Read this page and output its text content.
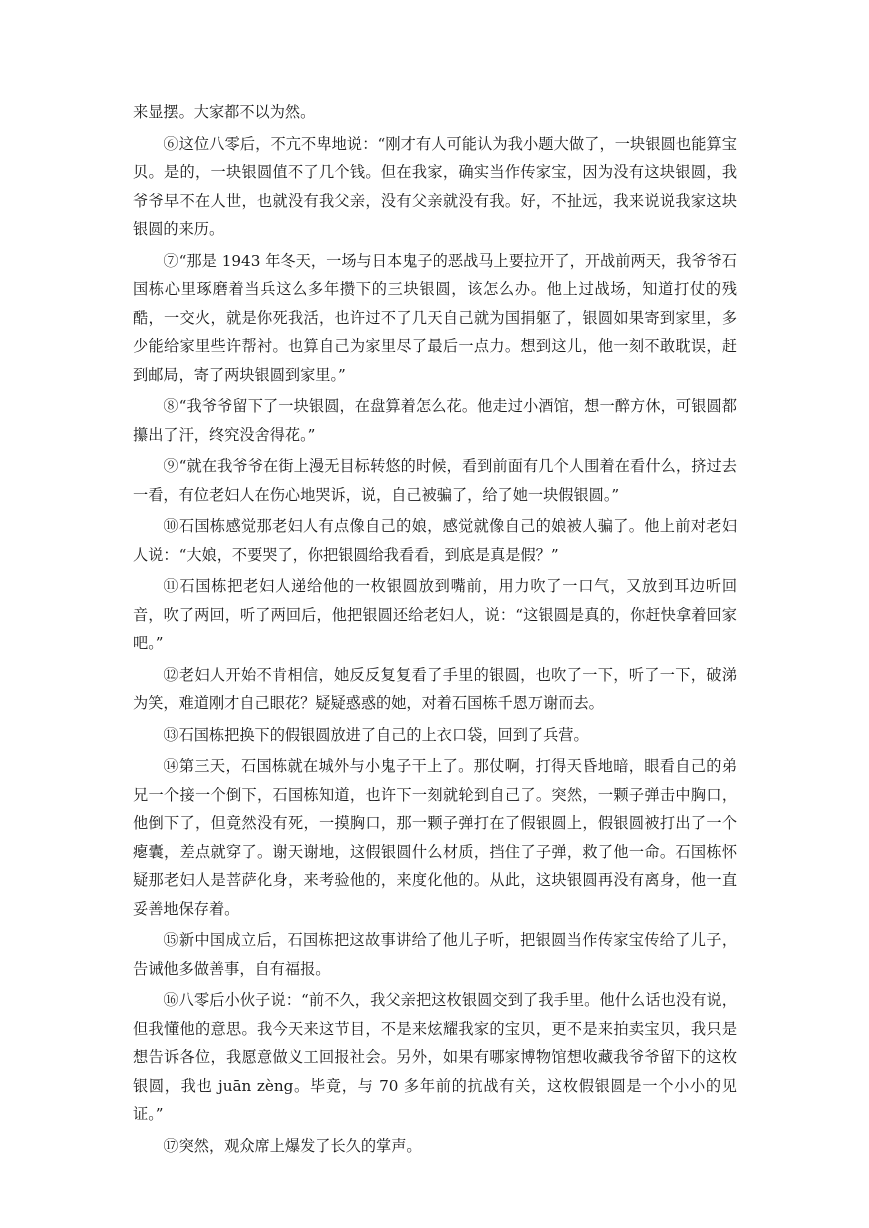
来显摆。大家都不以为然。

⑥这位八零后，不亢不卑地说：“刚才有人可能认为我小题大做了，一块银圆也能算宝贝。是的，一块银圆值不了几个钱。但在我家，确实当作传家宝，因为没有这块银圆，我爷爷早不在人世，也就没有我父亲，没有父亲就没有我。好，不扯远，我来说说我家这块银圆的来历。

⑦“那是 1943 年冬天，一场与日本鬼子的恶战马上要拉开了，开战前两天，我爷爷石国栋心里琢磨着当兵这么多年攒下的三块银圆，该怎么办。他上过战场，知道打仗的残酷，一交火，就是你死我活，也许过不了几天自己就为国捐躯了，银圆如果寄到家里，多少能给家里些许帮衬。也算自己为家里尽了最后一点力。想到这儿，他一刻不敢耽误，赶到邮局，寄了两块银圆到家里。”

⑧“我爷爷留下了一块银圆，在盘算着怎么花。他走过小酒馆，想一醉方休，可银圆都攥出了汗，终究没舍得花。”

⑨“就在我爷爷在街上漫无目标转悠的时候，看到前面有几个人围着在看什么，挤过去一看，有位老妇人在伤心地哭诉，说，自己被骗了，给了她一块假银圆。”

⑩石国栋感觉那老妇人有点像自己的娘，感觉就像自己的娘被人骗了。他上前对老妇人说：“大娘，不要哭了，你把银圆给我看看，到底是真是假？”

⑪石国栋把老妇人递给他的一枚银圆放到嘴前，用力吹了一口气，又放到耳边听回音，吹了两回，听了两回后，他把银圆还给老妇人，说：“这银圆是真的，你赶快拿着回家吧。”

⑫老妇人开始不肯相信，她反反复复看了手里的银圆，也吹了一下，听了一下，破涕为笑，难道刚才自己眼花？疑疑惑惑的她，对着石国栋千恩万谢而去。

⑬石国栋把换下的假银圆放进了自己的上衣口袋，回到了兵营。

⑭第三天，石国栋就在城外与小鬼子干上了。那仗啊，打得天昏地暗，眼看自己的弟兄一个接一个倒下，石国栋知道，也许下一刻就轮到自己了。突然，一颗子弹击中胸口，他倒下了，但竟然没有死，一摸胸口，那一颗子弹打在了假银圆上，假银圆被打出了一个瘪囊，差点就穿了。谢天谢地，这假银圆什么材质，挡住了子弹，救了他一命。石国栋怀疑那老妇人是菩萨化身，来考验他的，来度化他的。从此，这块银圆再没有离身，他一直妥善地保存着。

⑮新中国成立后，石国栋把这故事讲给了他儿子听，把银圆当作传家宝传给了儿子，告诫他多做善事，自有福报。

⑯八零后小伙子说：“前不久，我父亲把这枚银圆交到了我手里。他什么话也没有说，但我懂他的意思。我今天来这节目，不是来炫耀我家的宝贝，更不是来拍卖宝贝，我只是想告诉各位，我愿意做义工回报社会。另外，如果有哪家博物馆想收藏我爷爷留下的这枚银圆，我也 juān zèng。毕竟，与 70 多年前的抗战有关，这枚假银圆是一个小小的见证。”

⑰突然，观众席上爆发了长久的掌声。
